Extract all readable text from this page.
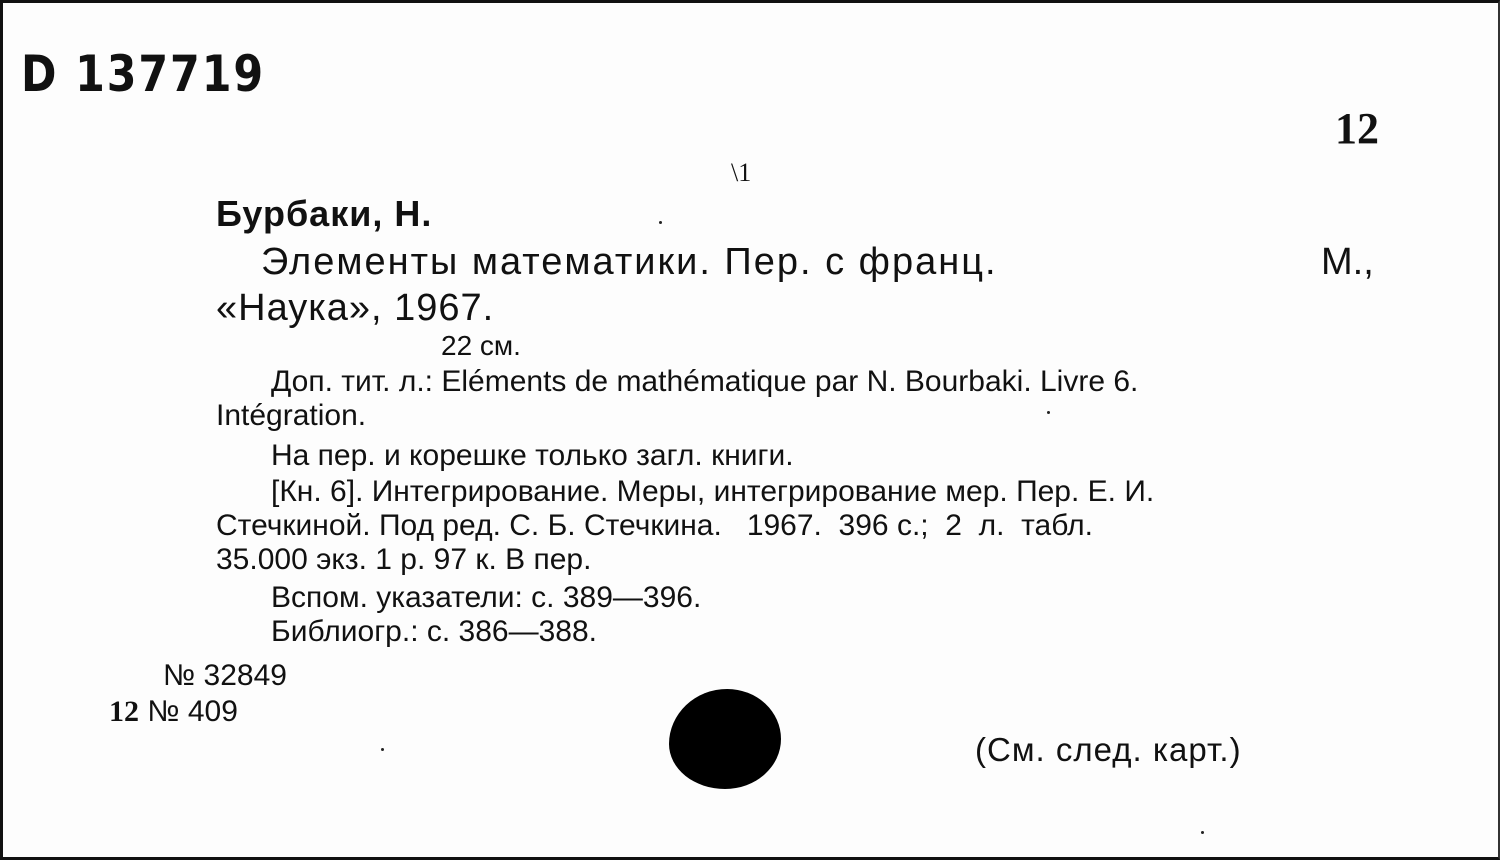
D 137719
12
\1
Бурбаки, Н.
Элементы математики. Пер. с франц.	М.,
«Наука», 1967.
22 см.
Доп. тит. л.: Eléments de mathématique par N. Bourbaki. Livre 6.
Intégration.
На пер. и корешке только загл. книги.
[Кн. 6]. Интегрирование. Меры, интегрирование мер. Пер. Е. И.
Стечкиной. Под ред. С. Б. Стечкина.   1967.  396 с.;  2  л.  табл.
35.000 экз. 1 р. 97 к. В пер.
Вспом. указатели: с. 389—396.
Библиогр.: с. 386—388.
№ 32849
12 № 409
(См. след. карт.)
